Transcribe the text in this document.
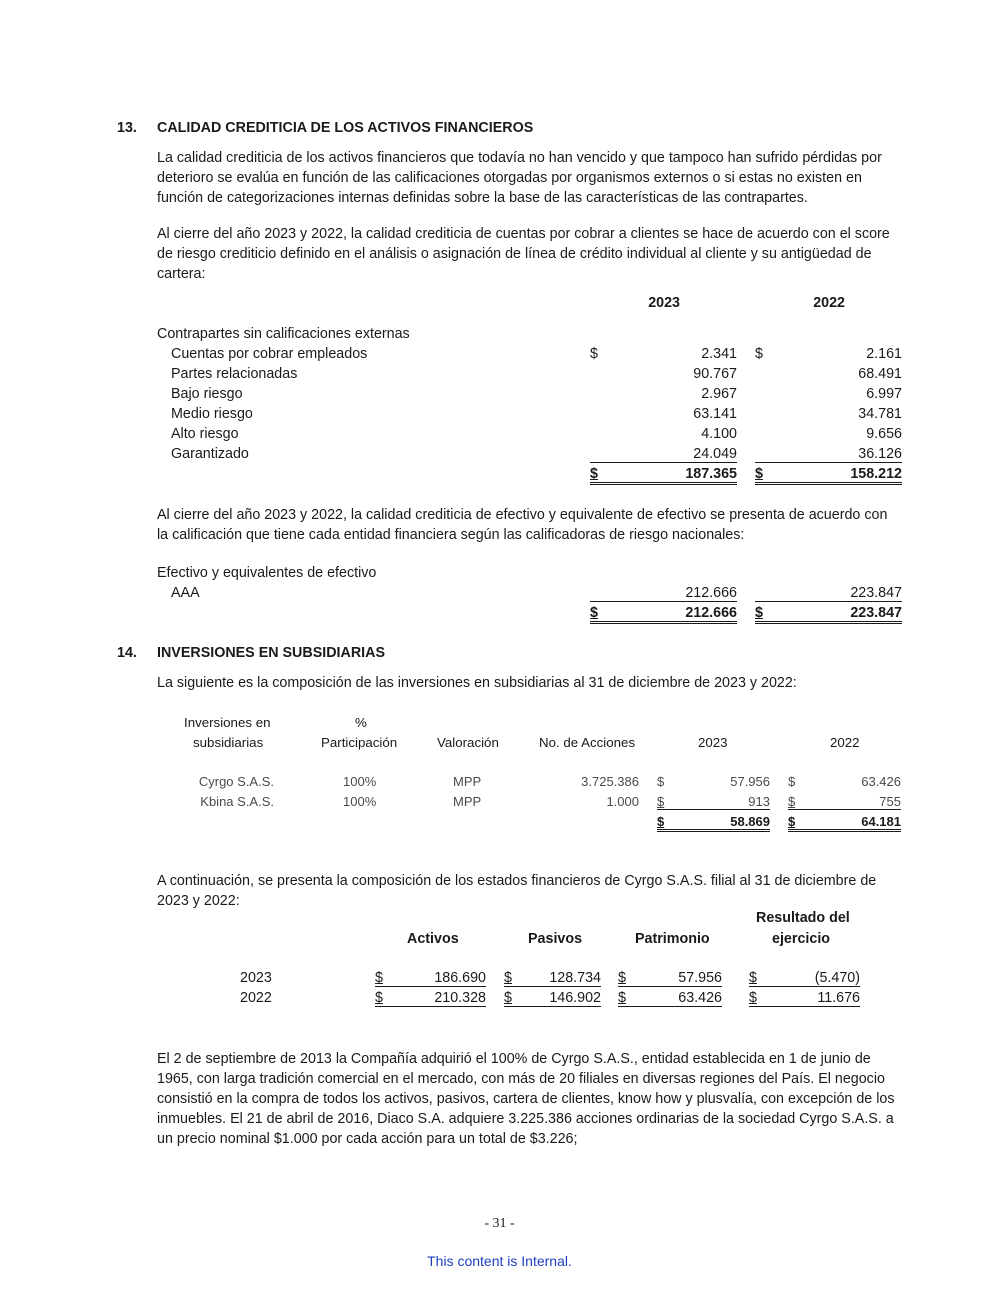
13. CALIDAD CREDITICIA DE LOS ACTIVOS FINANCIEROS
La calidad crediticia de los activos financieros que todavía no han vencido y que tampoco han sufrido pérdidas por
deterioro se evalúa en función de las calificaciones otorgadas por organismos externos o si estas no existen en
función de categorizaciones internas definidas sobre la base de las características de las contrapartes.
Al cierre del año 2023 y 2022, la calidad crediticia de cuentas por cobrar a clientes se hace de acuerdo con el score
de riesgo crediticio definido en el análisis o asignación de línea de crédito individual al cliente y su antigüedad de
cartera:
2023	2022
Contrapartes sin calificaciones externas
$	$
Cuentas por cobrar empleados	2.341	2.161
Partes relacionadas	90.767	68.491
Bajo riesgo	2.967	6.997
Medio riesgo	63.141	34.781
Alto riesgo	4.100	9.656
Garantizado	24.049	36.126
$	187.365 $	158.212
Al cierre del año 2023 y 2022, la calidad crediticia de efectivo y equivalente de efectivo se presenta de acuerdo con
la calificación que tiene cada entidad financiera según las calificadoras de riesgo nacionales:
Efectivo y equivalentes de efectivo
AAA	212.666	223.847
$	212.666 $	223.847
14. INVERSIONES EN SUBSIDIARIAS
La siguiente es la composición de las inversiones en subsidiarias al 31 de diciembre de 2023 y 2022:
Inversiones en
subsidiarias
%
Participación	Valoración	No. de Acciones	2023	2022
Cyrgo S.A.S.	100%	MPP	3.725.386 $	57.956 $	63.426
Kbina S.A.S.	100%	MPP	1.000 $	913 $	755
$	58.869 $	64.181
A continuación, se presenta la composición de los estados financieros de Cyrgo S.A.S. filial al 31 de diciembre de
2023 y 2022:
Activos	Pasivos	Patrimonio
Resultado del
ejercicio
2023	$	186.690 $	128.734 $	57.956 $	(5.470)
2022	$	210.328 $	146.902 $	63.426 $	11.676
El 2 de septiembre de 2013 la Compañía adquirió el 100% de Cyrgo S.A.S., entidad establecida en 1 de junio de
1965, con larga tradición comercial en el mercado, con más de 20 filiales en diversas regiones del País. El negocio
consistió en la compra de todos los activos, pasivos, cartera de clientes, know how y plusvalía, con excepción de los
inmuebles. El 21 de abril de 2016, Diaco S.A. adquiere 3.225.386 acciones ordinarias de la sociedad Cyrgo S.A.S. a
un precio nominal $1.000 por cada acción para un total de $3.226;
- 31 -
This content is Internal.
